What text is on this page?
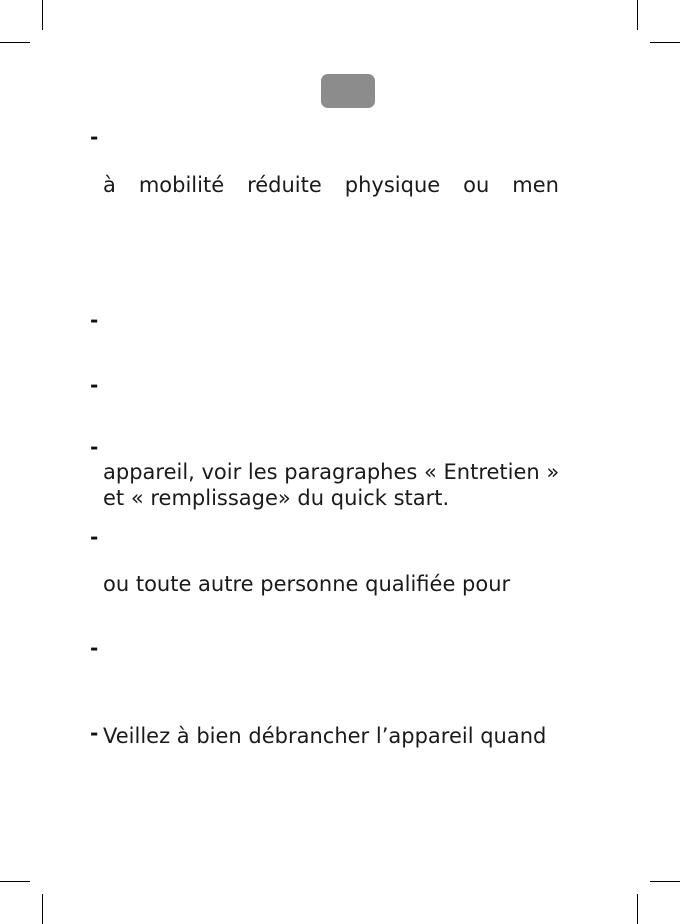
-
à mobilité réduite physique ou men
-
-
-
appareil, voir les paragraphes « Entretien »
et « remplissage» du quick start.
-
ou toute autre personne qualifiée pour
-
- Veillez à bien débrancher l’appareil quand
